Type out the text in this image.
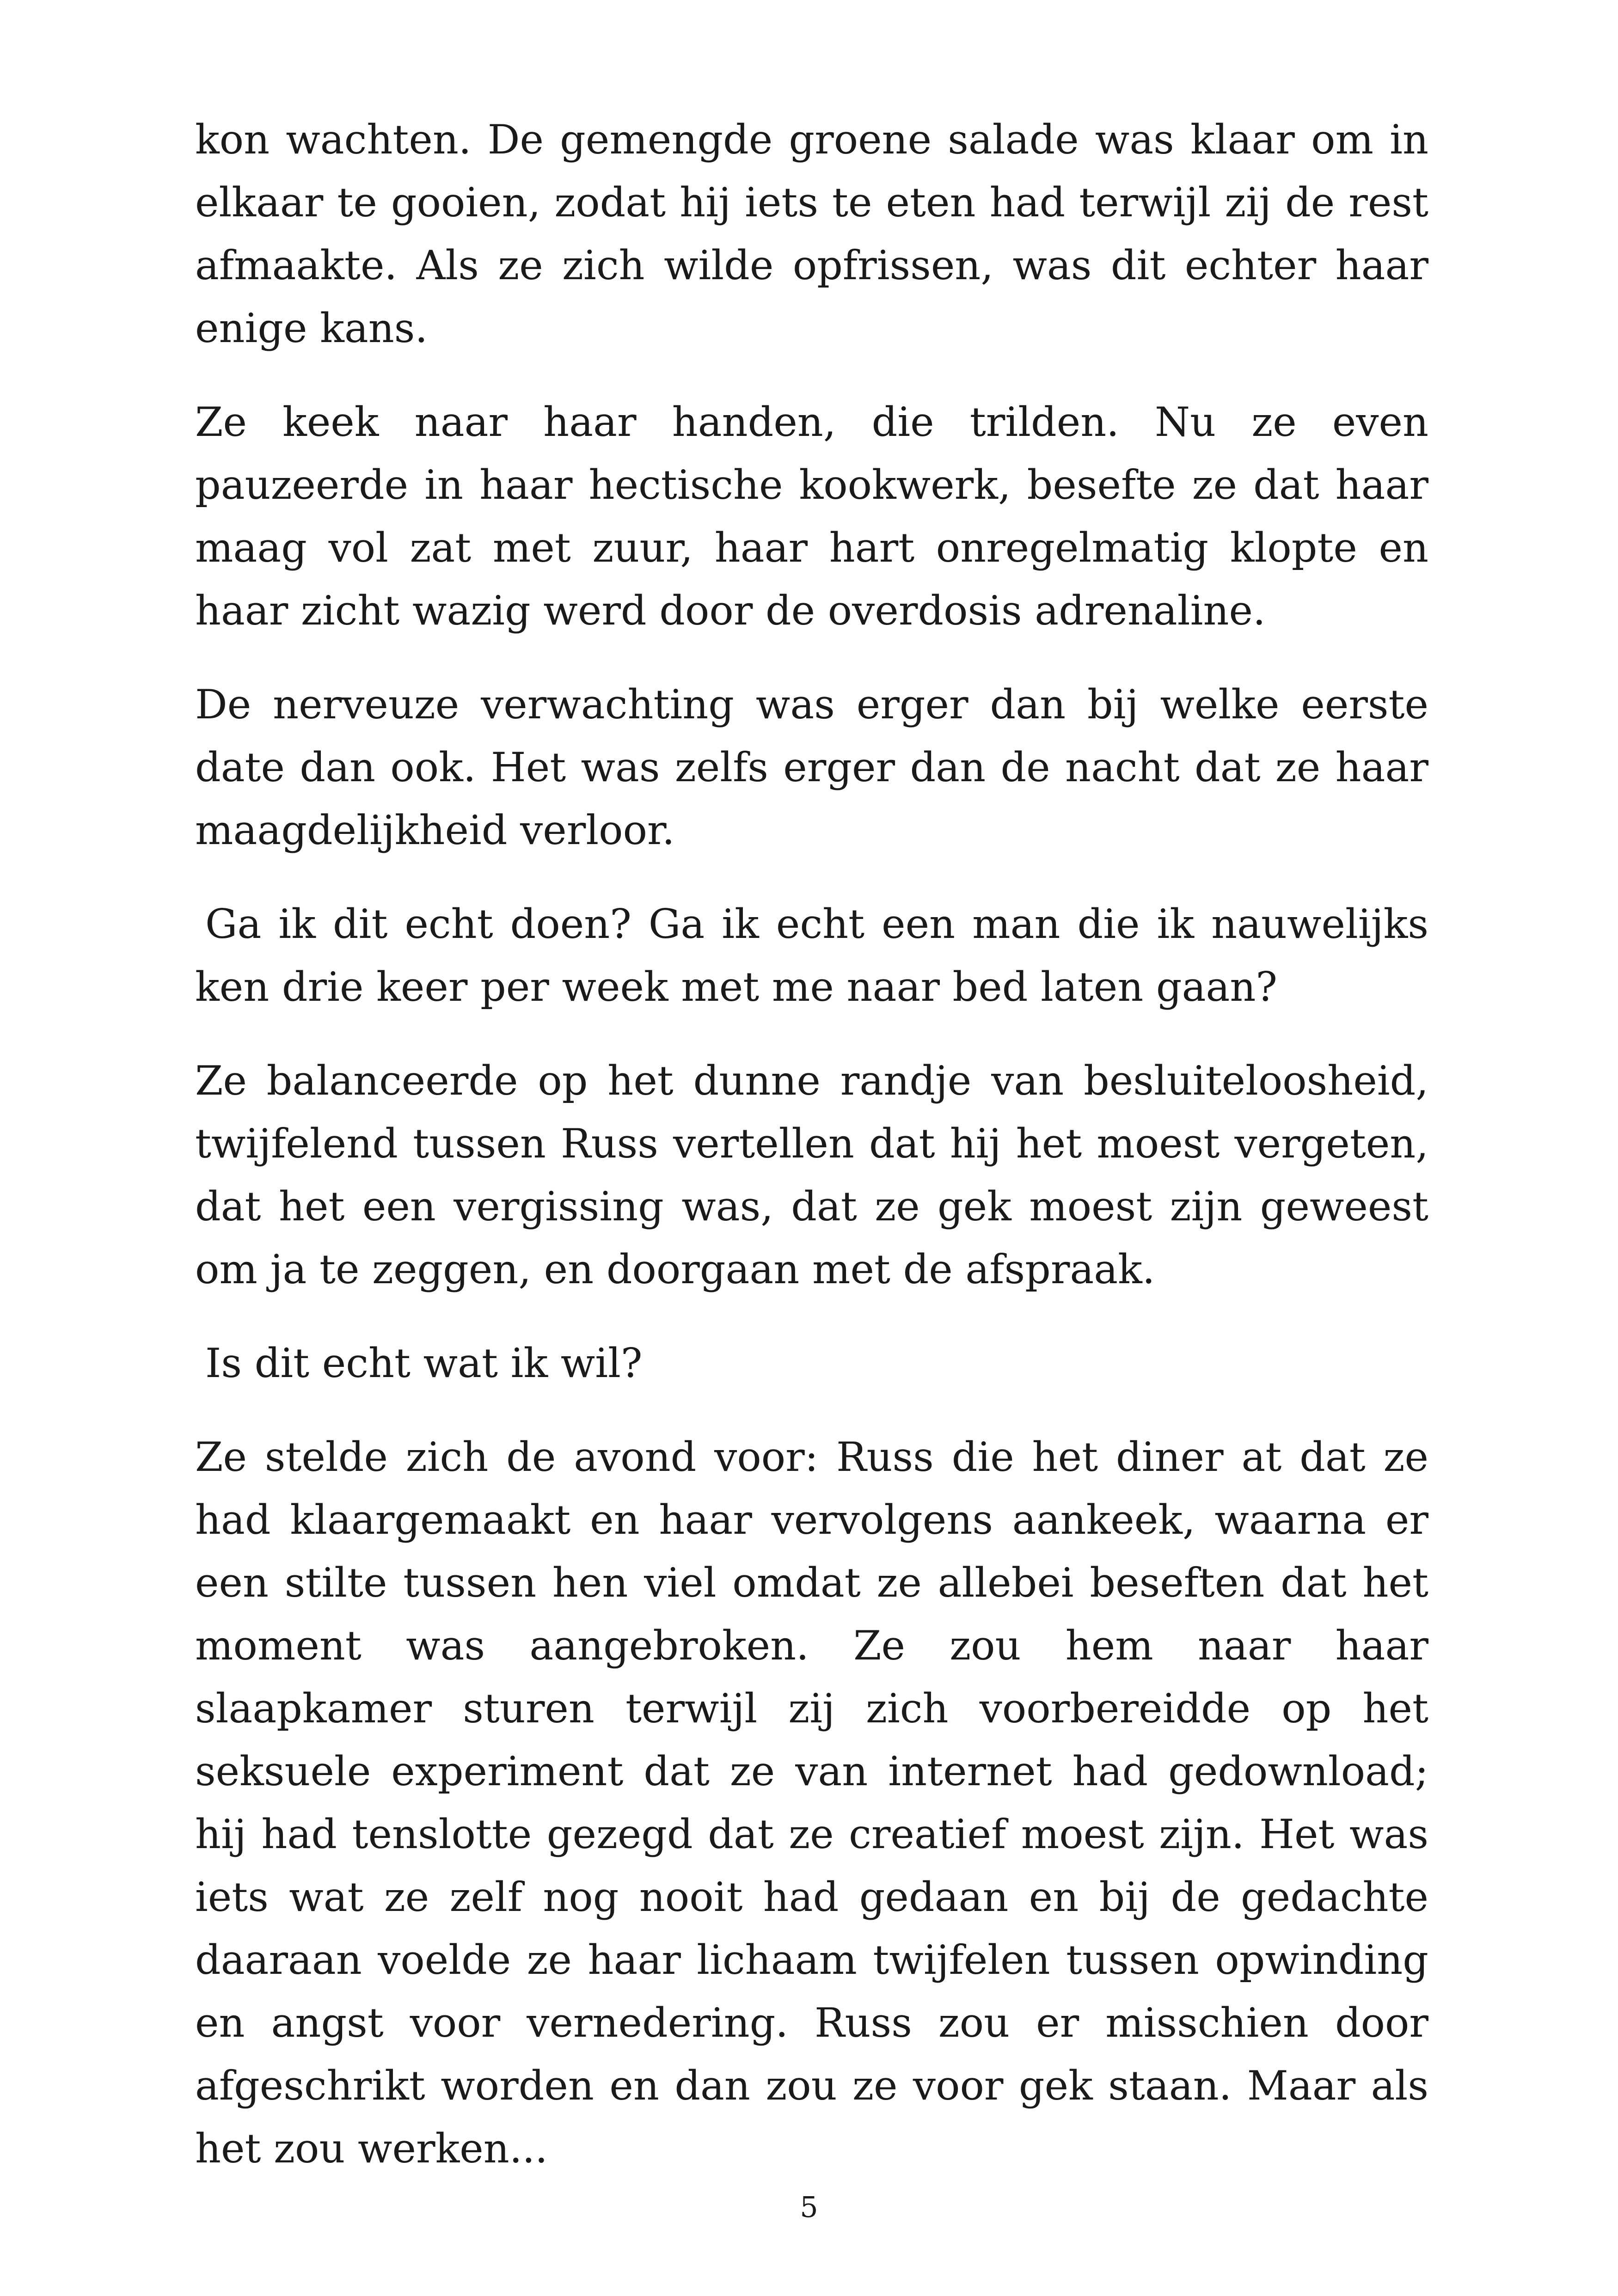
kon wachten. De gemengde groene salade was klaar om in elkaar te gooien, zodat hij iets te eten had terwijl zij de rest afmaakte. Als ze zich wilde opfrissen, was dit echter haar enige kans.

Ze keek naar haar handen, die trilden. Nu ze even pauzeerde in haar hectische kookwerk, besefte ze dat haar maag vol zat met zuur, haar hart onregelmatig klopte en haar zicht wazig werd door de overdosis adrenaline.

De nerveuze verwachting was erger dan bij welke eerste date dan ook. Het was zelfs erger dan de nacht dat ze haar maagdelijkheid verloor.

Ga ik dit echt doen? Ga ik echt een man die ik nauwelijks ken drie keer per week met me naar bed laten gaan?

Ze balanceerde op het dunne randje van besluiteloosheid, twijfelend tussen Russ vertellen dat hij het moest vergeten, dat het een vergissing was, dat ze gek moest zijn geweest om ja te zeggen, en doorgaan met de afspraak.

Is dit echt wat ik wil?

Ze stelde zich de avond voor: Russ die het diner at dat ze had klaargemaakt en haar vervolgens aankeek, waarna er een stilte tussen hen viel omdat ze allebei beseften dat het moment was aangebroken. Ze zou hem naar haar slaapkamer sturen terwijl zij zich voorbereidde op het seksuele experiment dat ze van internet had gedownload; hij had tenslotte gezegd dat ze creatief moest zijn. Het was iets wat ze zelf nog nooit had gedaan en bij de gedachte daaraan voelde ze haar lichaam twijfelen tussen opwinding en angst voor vernedering. Russ zou er misschien door afgeschrikt worden en dan zou ze voor gek staan. Maar als het zou werken...

5
